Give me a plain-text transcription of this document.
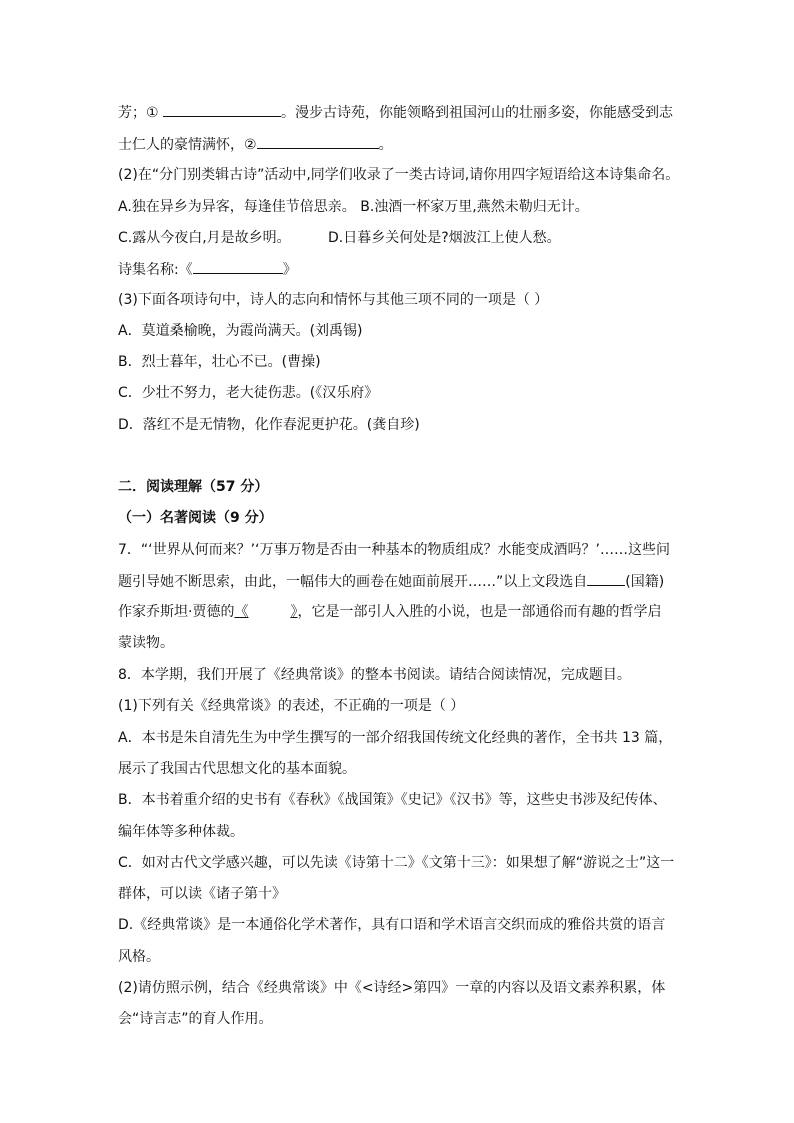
芳；①	。漫步古诗苑，你能领略到祖国河山的壮丽多姿，你能感受到志
士仁人的豪情满怀，②	。
(2)在“分门别类辑古诗”活动中,同学们收录了一类古诗词,请你用四字短语给这本诗集命名。
A.独在异乡为异客，每逢佳节倍思亲。 B.浊酒一杯家万里,燕然未勒归无计。
C.露从今夜白,月是故乡明。	D.日暮乡关何处是?烟波江上使人愁。
诗集名称:《	》
(3)下面各项诗句中，诗人的志向和情怀与其他三项不同的一项是（ ）
A．莫道桑榆晚，为霞尚满天。(刘禹锡)
B．烈士暮年，壮心不已。(曹操)
C．少壮不努力，老大徒伤悲。(《汉乐府》
D．落红不是无情物，化作春泥更护花。(龚自珍)
二．阅读理解（57 分）
（一）名著阅读（9 分）
7．“‘世界从何而来？’‘万事万物是否由一种基本的物质组成？水能变成酒吗？’……这些问
题引导她不断思索，由此，一幅伟大的画卷在她面前展开……”以上文段选自	(国籍)
作家乔斯坦·贾德的《	》，它是一部引人入胜的小说，也是一部通俗而有趣的哲学启
蒙读物。
8．本学期，我们开展了《经典常谈》的整本书阅读。请结合阅读情况，完成题目。
(1)下列有关《经典常谈》的表述，不正确的一项是（ ）
A．本书是朱自清先生为中学生撰写的一部介绍我国传统文化经典的著作，全书共 13 篇，
展示了我国古代思想文化的基本面貌。
B．本书着重介绍的史书有《春秋》《战国策》《史记》《汉书》等，这些史书涉及纪传体、
编年体等多种体裁。
C．如对古代文学感兴趣，可以先读《诗第十二》《文第十三》：如果想了解“游说之士”这一
群体，可以读《诸子第十》
D.《经典常谈》是一本通俗化学术著作，具有口语和学术语言交织而成的雅俗共赏的语言
风格。
(2)请仿照示例，结合《经典常谈》中《<诗经>第四》一章的内容以及语文素养积累，体
会“诗言志”的育人作用。
